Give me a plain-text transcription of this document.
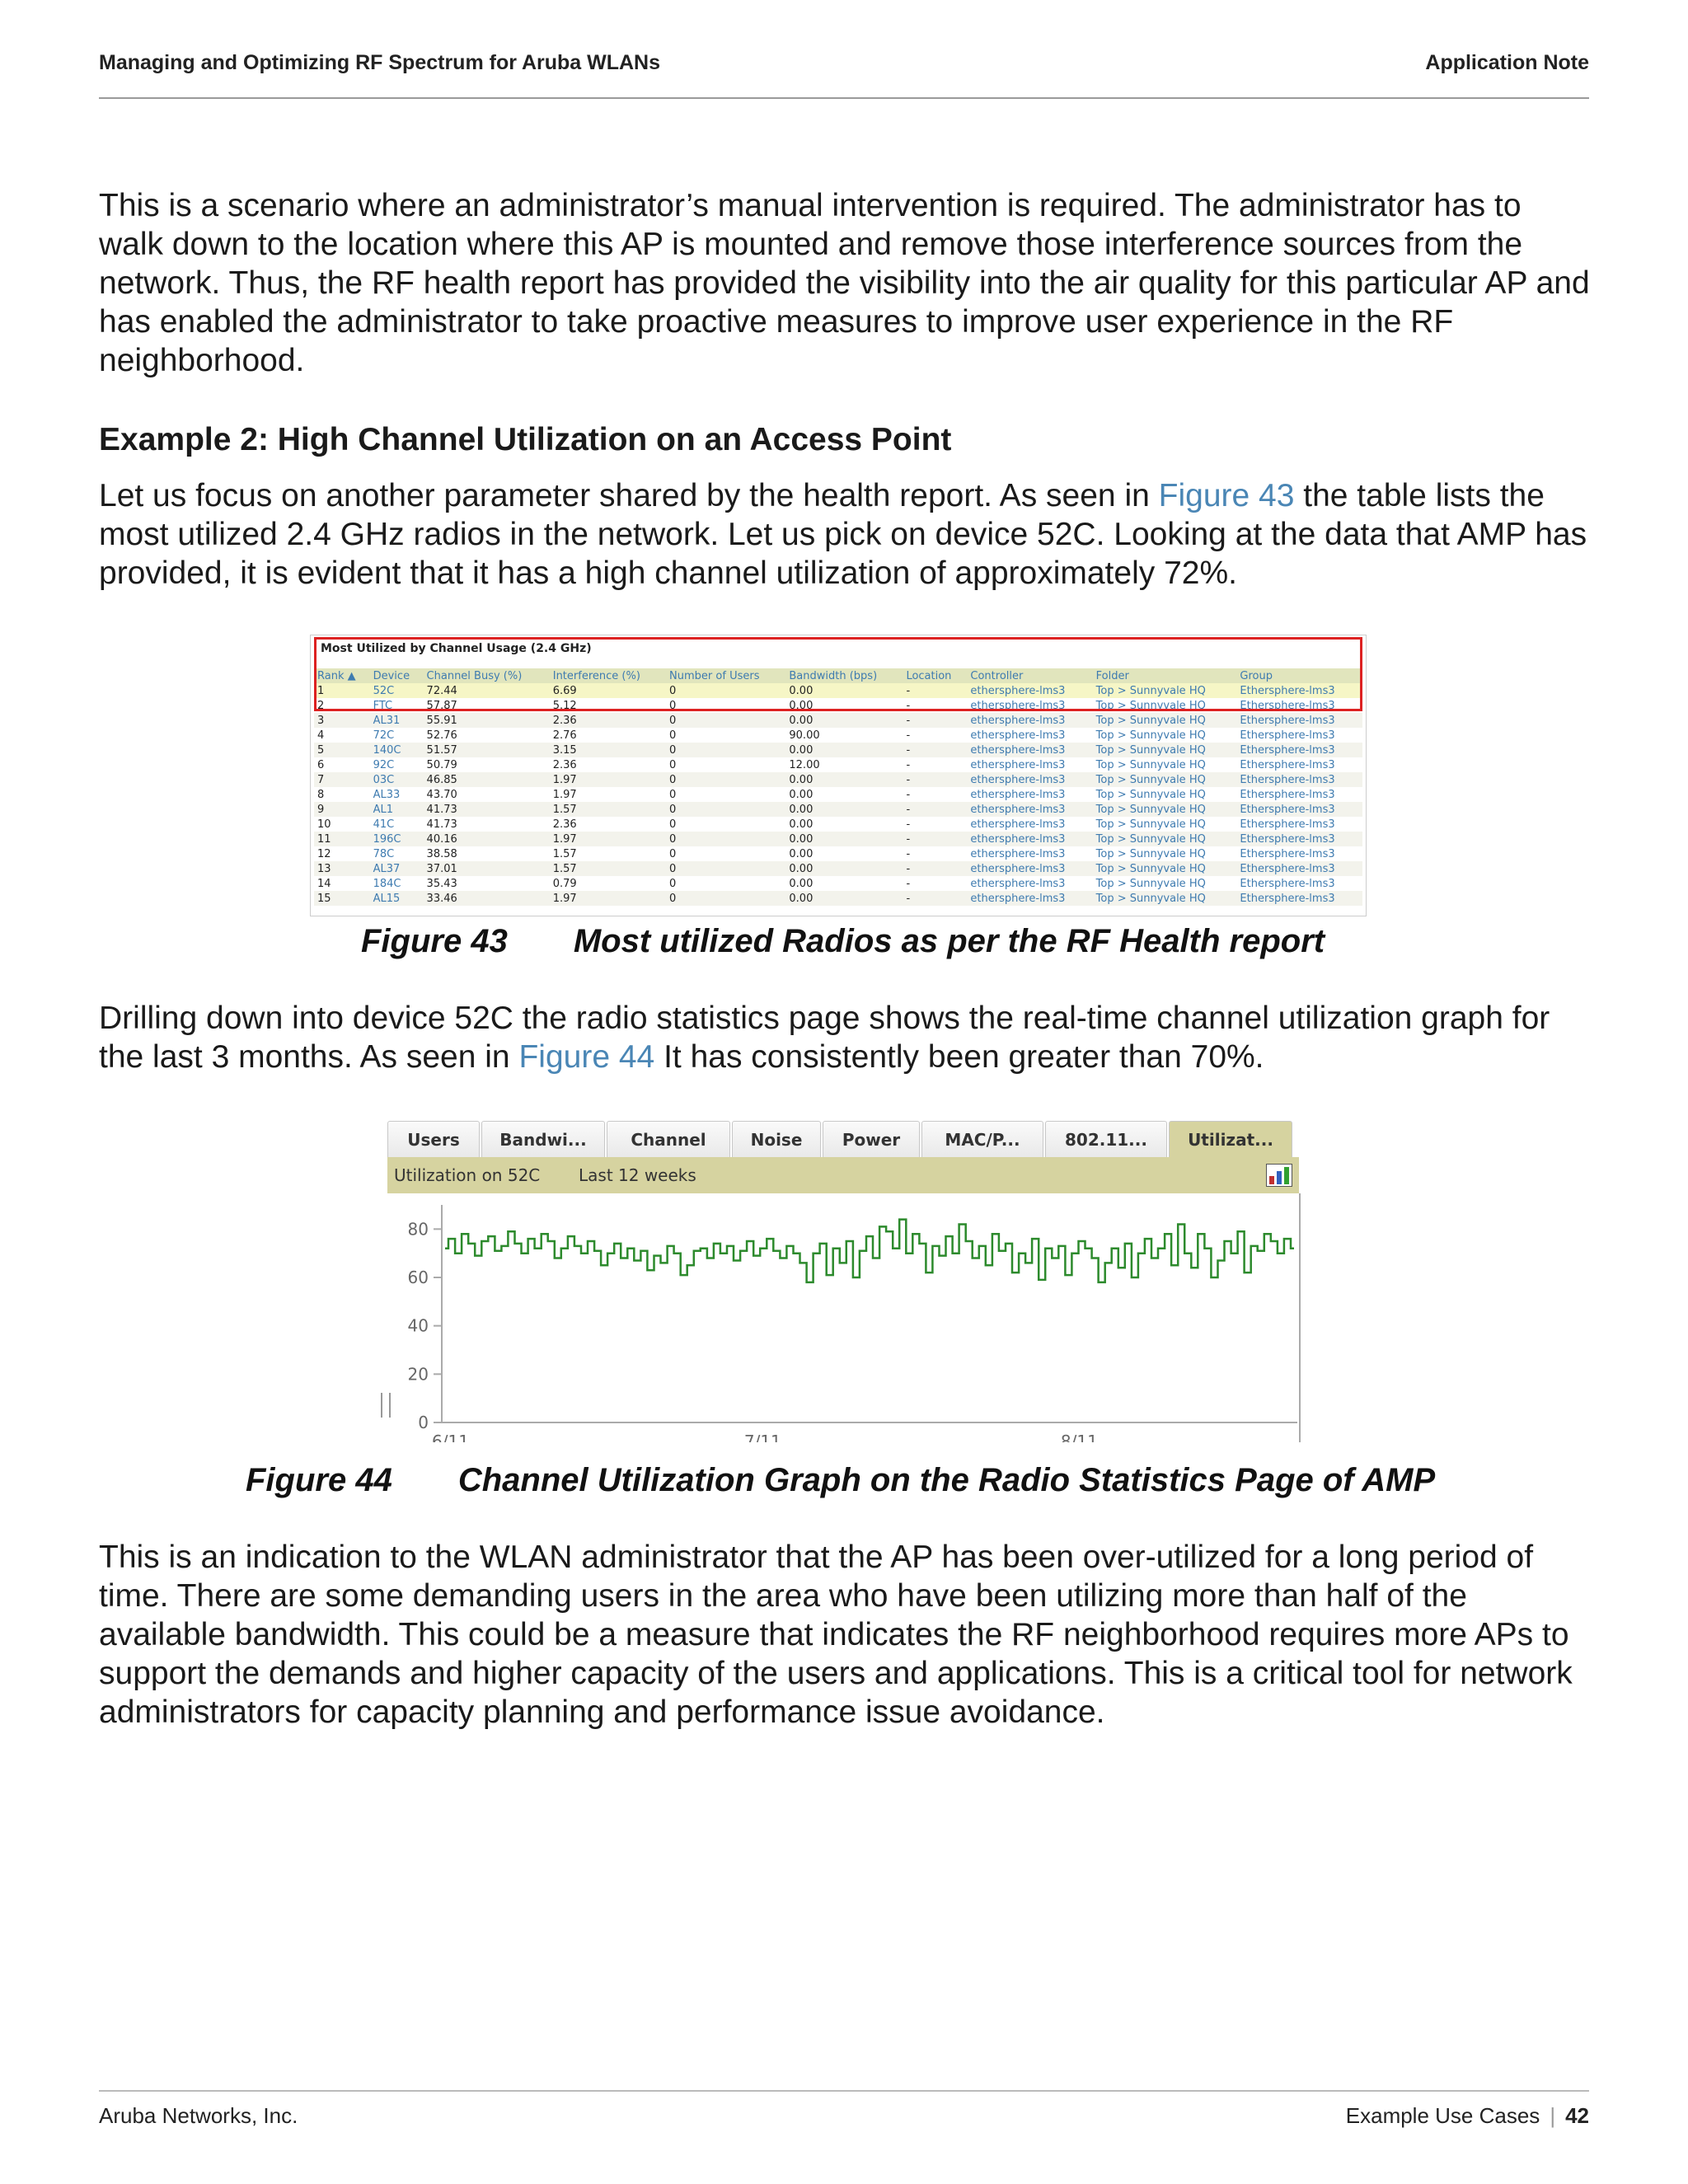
Managing and Optimizing RF Spectrum for Aruba WLANs	Application Note

This is a scenario where an administrator’s manual intervention is required. The administrator has to walk down to the location where this AP is mounted and remove those interference sources from the network. Thus, the RF health report has provided the visibility into the air quality for this particular AP and has enabled the administrator to take proactive measures to improve user experience in the RF neighborhood.

Example 2: High Channel Utilization on an Access Point

Let us focus on another parameter shared by the health report. As seen in Figure 43 the table lists the most utilized 2.4 GHz radios in the network. Let us pick on device 52C. Looking at the data that AMP has provided, it is evident that it has a high channel utilization of approximately 72%.

Most Utilized by Channel Usage (2.4 GHz)
Rank ▲	Device	Channel Busy (%)	Interference (%)	Number of Users	Bandwidth (bps)	Location	Controller	Folder	Group
1	52C	72.44	6.69	0	0.00	-	ethersphere-lms3	Top > Sunnyvale HQ	Ethersphere-lms3
2	FTC	57.87	5.12	0	0.00	-	ethersphere-lms3	Top > Sunnyvale HQ	Ethersphere-lms3
3	AL31	55.91	2.36	0	0.00	-	ethersphere-lms3	Top > Sunnyvale HQ	Ethersphere-lms3
4	72C	52.76	2.76	0	90.00	-	ethersphere-lms3	Top > Sunnyvale HQ	Ethersphere-lms3
5	140C	51.57	3.15	0	0.00	-	ethersphere-lms3	Top > Sunnyvale HQ	Ethersphere-lms3
6	92C	50.79	2.36	0	12.00	-	ethersphere-lms3	Top > Sunnyvale HQ	Ethersphere-lms3
7	03C	46.85	1.97	0	0.00	-	ethersphere-lms3	Top > Sunnyvale HQ	Ethersphere-lms3
8	AL33	43.70	1.97	0	0.00	-	ethersphere-lms3	Top > Sunnyvale HQ	Ethersphere-lms3
9	AL1	41.73	1.57	0	0.00	-	ethersphere-lms3	Top > Sunnyvale HQ	Ethersphere-lms3
10	41C	41.73	2.36	0	0.00	-	ethersphere-lms3	Top > Sunnyvale HQ	Ethersphere-lms3
11	196C	40.16	1.97	0	0.00	-	ethersphere-lms3	Top > Sunnyvale HQ	Ethersphere-lms3
12	78C	38.58	1.57	0	0.00	-	ethersphere-lms3	Top > Sunnyvale HQ	Ethersphere-lms3
13	AL37	37.01	1.57	0	0.00	-	ethersphere-lms3	Top > Sunnyvale HQ	Ethersphere-lms3
14	184C	35.43	0.79	0	0.00	-	ethersphere-lms3	Top > Sunnyvale HQ	Ethersphere-lms3
15	AL15	33.46	1.97	0	0.00	-	ethersphere-lms3	Top > Sunnyvale HQ	Ethersphere-lms3
Figure 43 Most utilized Radios as per the RF Health report

Drilling down into device 52C the radio statistics page shows the real-time channel utilization graph for the last 3 months. As seen in Figure 44 It has consistently been greater than 70%.

Users	Bandwi...	Channel	Noise	Power	MAC/P...	802.11...	Utilizat...
Utilization on 52C Last 12 weeks
0
20
40
60
80
6/11	7/11	8/11
Figure 44 Channel Utilization Graph on the Radio Statistics Page of AMP

This is an indication to the WLAN administrator that the AP has been over-utilized for a long period of time. There are some demanding users in the area who have been utilizing more than half of the available bandwidth. This could be a measure that indicates the RF neighborhood requires more APs to support the demands and higher capacity of the users and applications. This is a critical tool for network administrators for capacity planning and performance issue avoidance.

Aruba Networks, Inc.	Example Use Cases | 42
